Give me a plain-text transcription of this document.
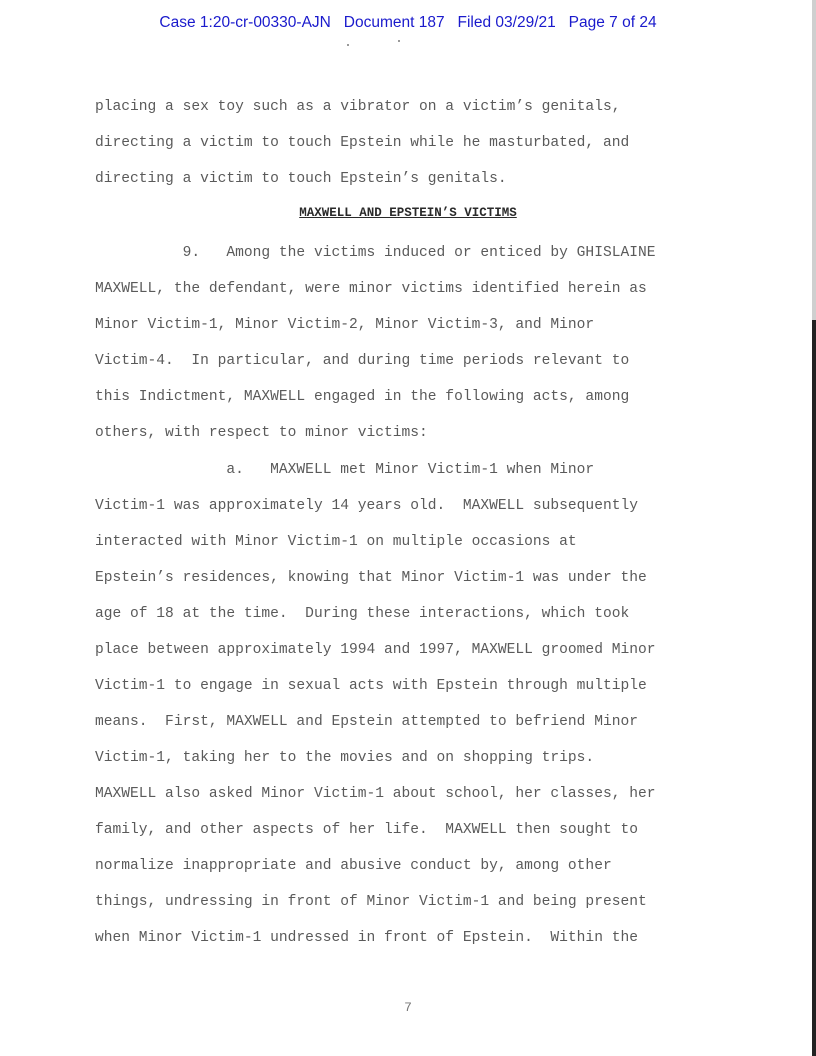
Case 1:20-cr-00330-AJN   Document 187   Filed 03/29/21   Page 7 of 24
placing a sex toy such as a vibrator on a victim’s genitals,
directing a victim to touch Epstein while he masturbated, and
directing a victim to touch Epstein’s genitals.
MAXWELL AND EPSTEIN’S VICTIMS
9.   Among the victims induced or enticed by GHISLAINE
MAXWELL, the defendant, were minor victims identified herein as
Minor Victim-1, Minor Victim-2, Minor Victim-3, and Minor
Victim-4.  In particular, and during time periods relevant to
this Indictment, MAXWELL engaged in the following acts, among
others, with respect to minor victims:
a.   MAXWELL met Minor Victim-1 when Minor
Victim-1 was approximately 14 years old.  MAXWELL subsequently
interacted with Minor Victim-1 on multiple occasions at
Epstein’s residences, knowing that Minor Victim-1 was under the
age of 18 at the time.  During these interactions, which took
place between approximately 1994 and 1997, MAXWELL groomed Minor
Victim-1 to engage in sexual acts with Epstein through multiple
means.  First, MAXWELL and Epstein attempted to befriend Minor
Victim-1, taking her to the movies and on shopping trips.
MAXWELL also asked Minor Victim-1 about school, her classes, her
family, and other aspects of her life.  MAXWELL then sought to
normalize inappropriate and abusive conduct by, among other
things, undressing in front of Minor Victim-1 and being present
when Minor Victim-1 undressed in front of Epstein.  Within the
7
